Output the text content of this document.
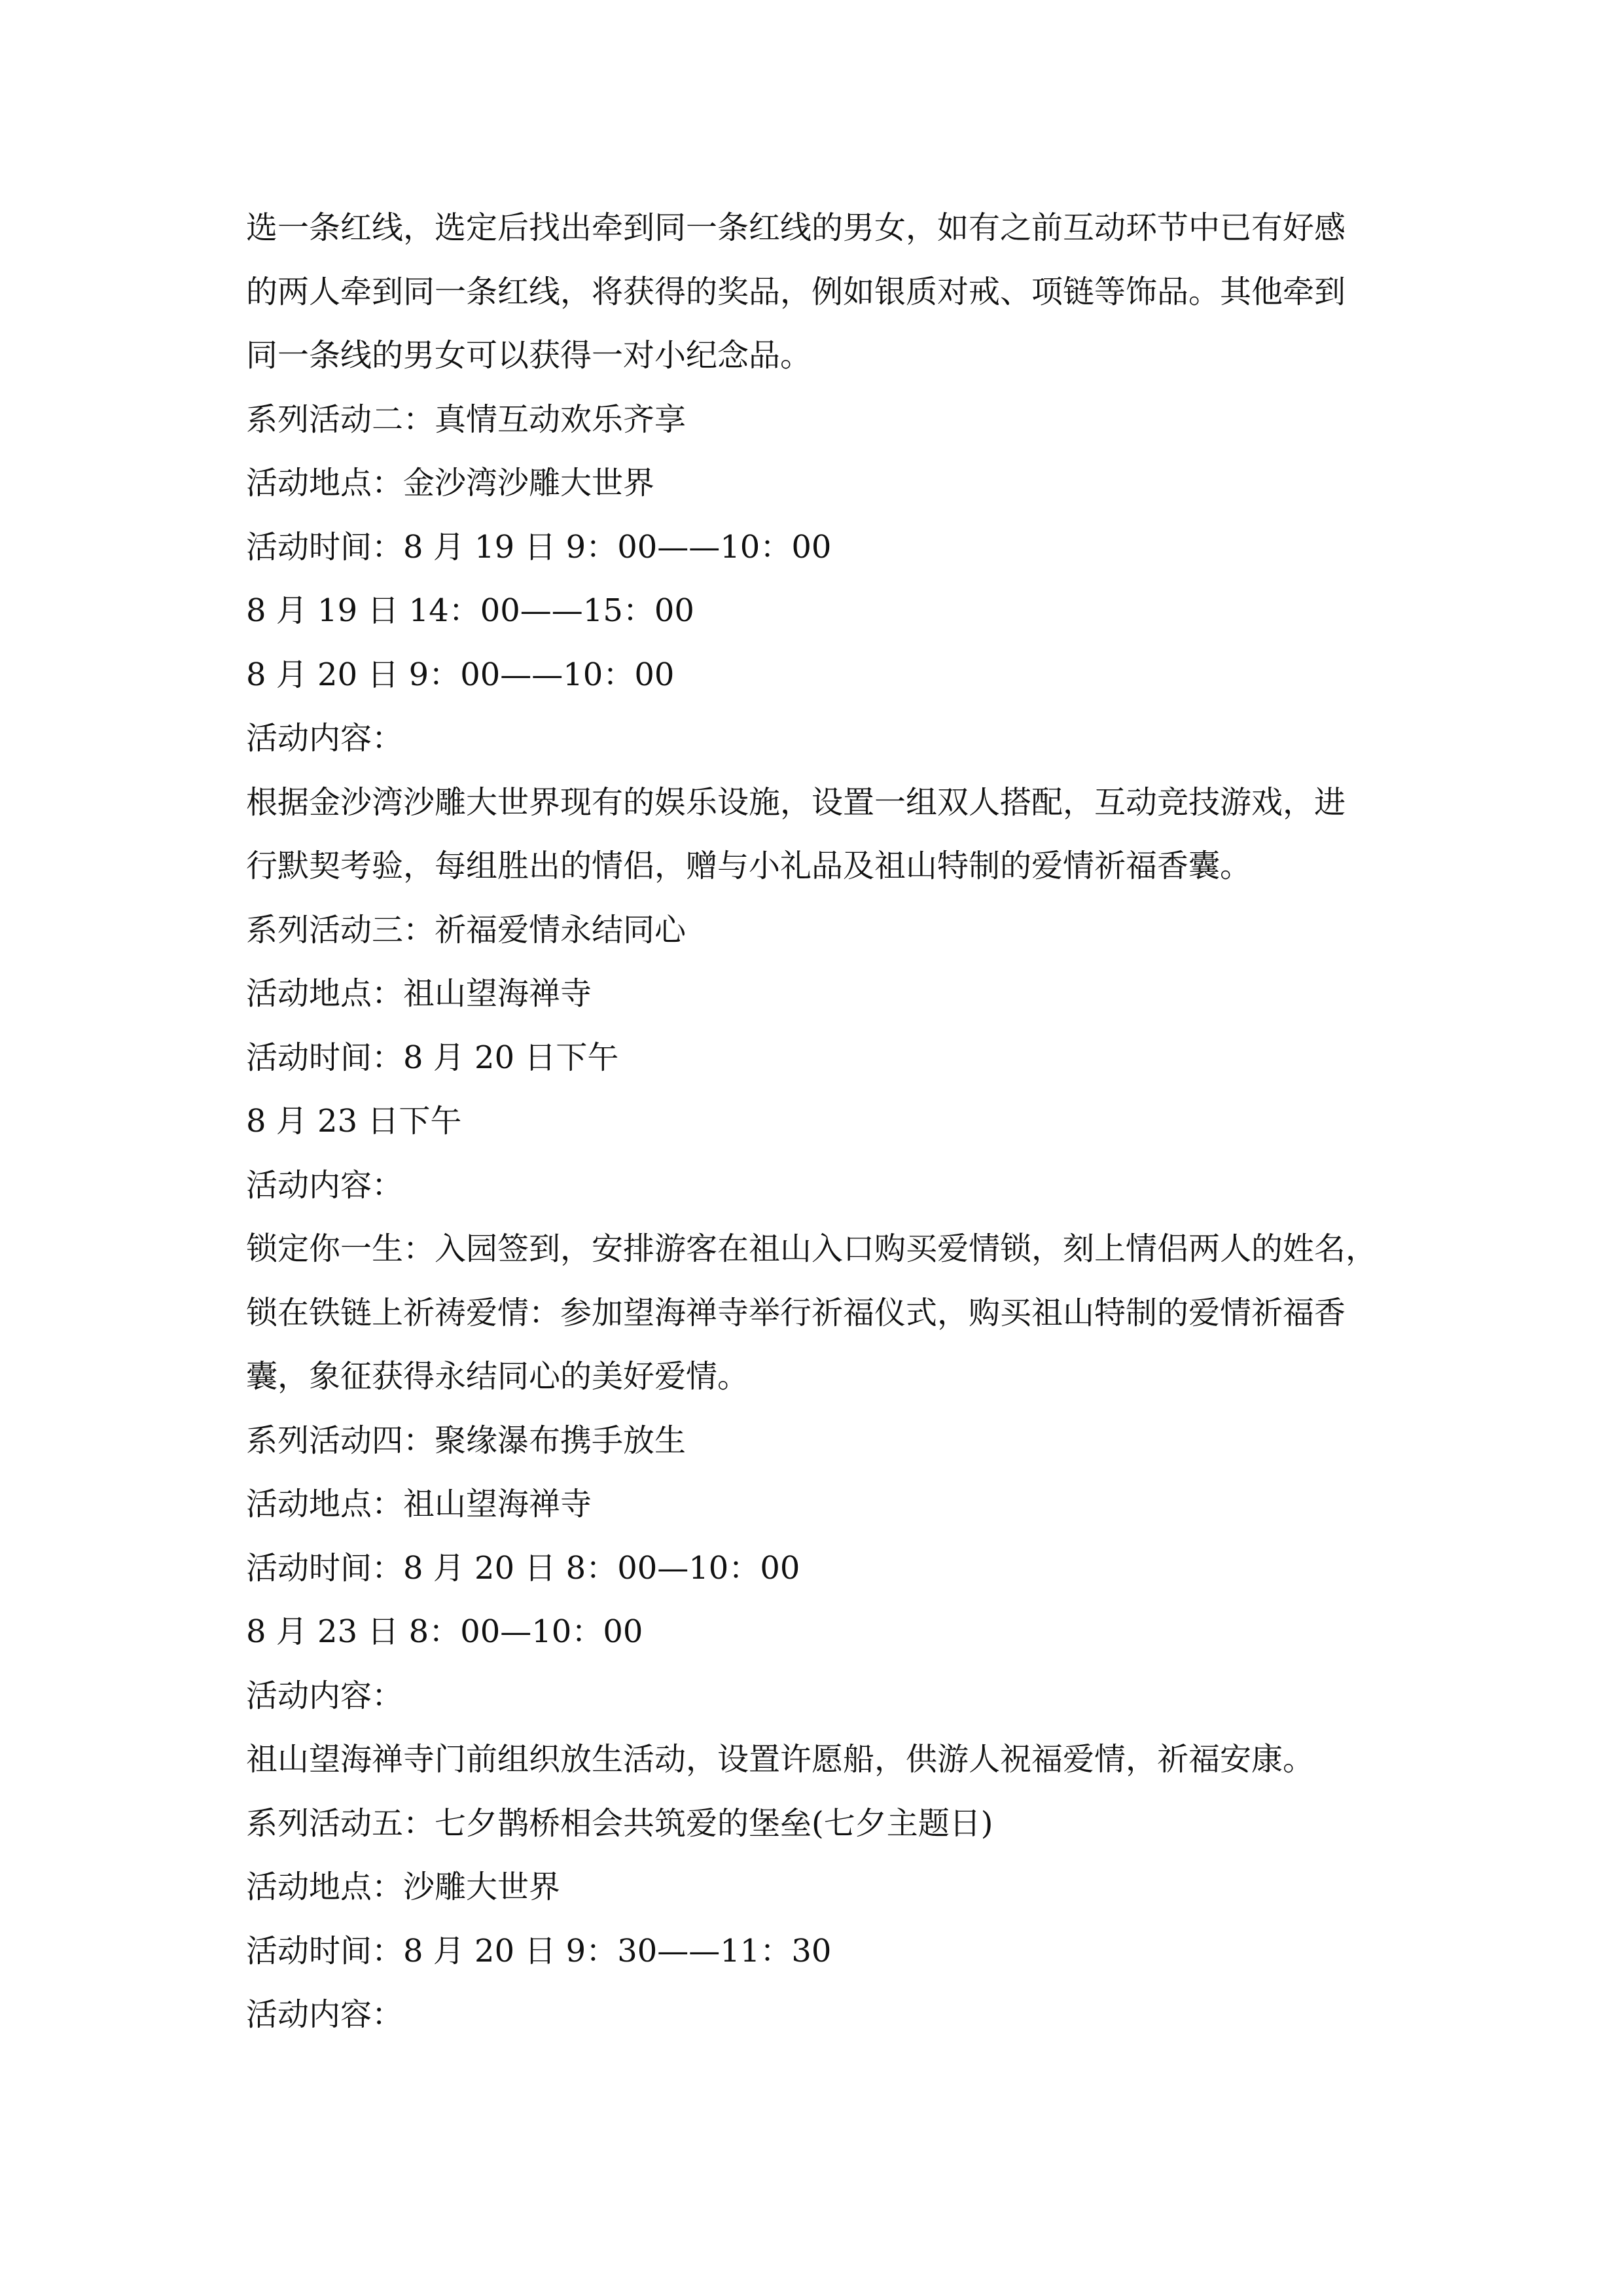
选一条红线，选定后找出牵到同一条红线的男女，如有之前互动环节中已有好感

的两人牵到同一条红线，将获得的奖品，例如银质对戒、项链等饰品。其他牵到

同一条线的男女可以获得一对小纪念品。

系列活动二：真情互动欢乐齐享

活动地点：金沙湾沙雕大世界

活动时间：8 月 19 日 9：00——10：00

8 月 19 日 14：00——15：00

8 月 20 日 9：00——10：00

活动内容：

根据金沙湾沙雕大世界现有的娱乐设施，设置一组双人搭配，互动竞技游戏，进

行默契考验，每组胜出的情侣，赠与小礼品及祖山特制的爱情祈福香囊。

系列活动三：祈福爱情永结同心

活动地点：祖山望海禅寺

活动时间：8 月 20 日下午

8 月 23 日下午

活动内容：

锁定你一生：入园签到，安排游客在祖山入口购买爱情锁，刻上情侣两人的姓名，

锁在铁链上祈祷爱情：参加望海禅寺举行祈福仪式，购买祖山特制的爱情祈福香

囊，象征获得永结同心的美好爱情。

系列活动四：聚缘瀑布携手放生

活动地点：祖山望海禅寺

活动时间：8 月 20 日 8：00—10：00

8 月 23 日 8：00—10：00

活动内容：

祖山望海禅寺门前组织放生活动，设置许愿船，供游人祝福爱情，祈福安康。

系列活动五：七夕鹊桥相会共筑爱的堡垒(七夕主题日)

活动地点：沙雕大世界

活动时间：8 月 20 日 9：30——11：30

活动内容：
